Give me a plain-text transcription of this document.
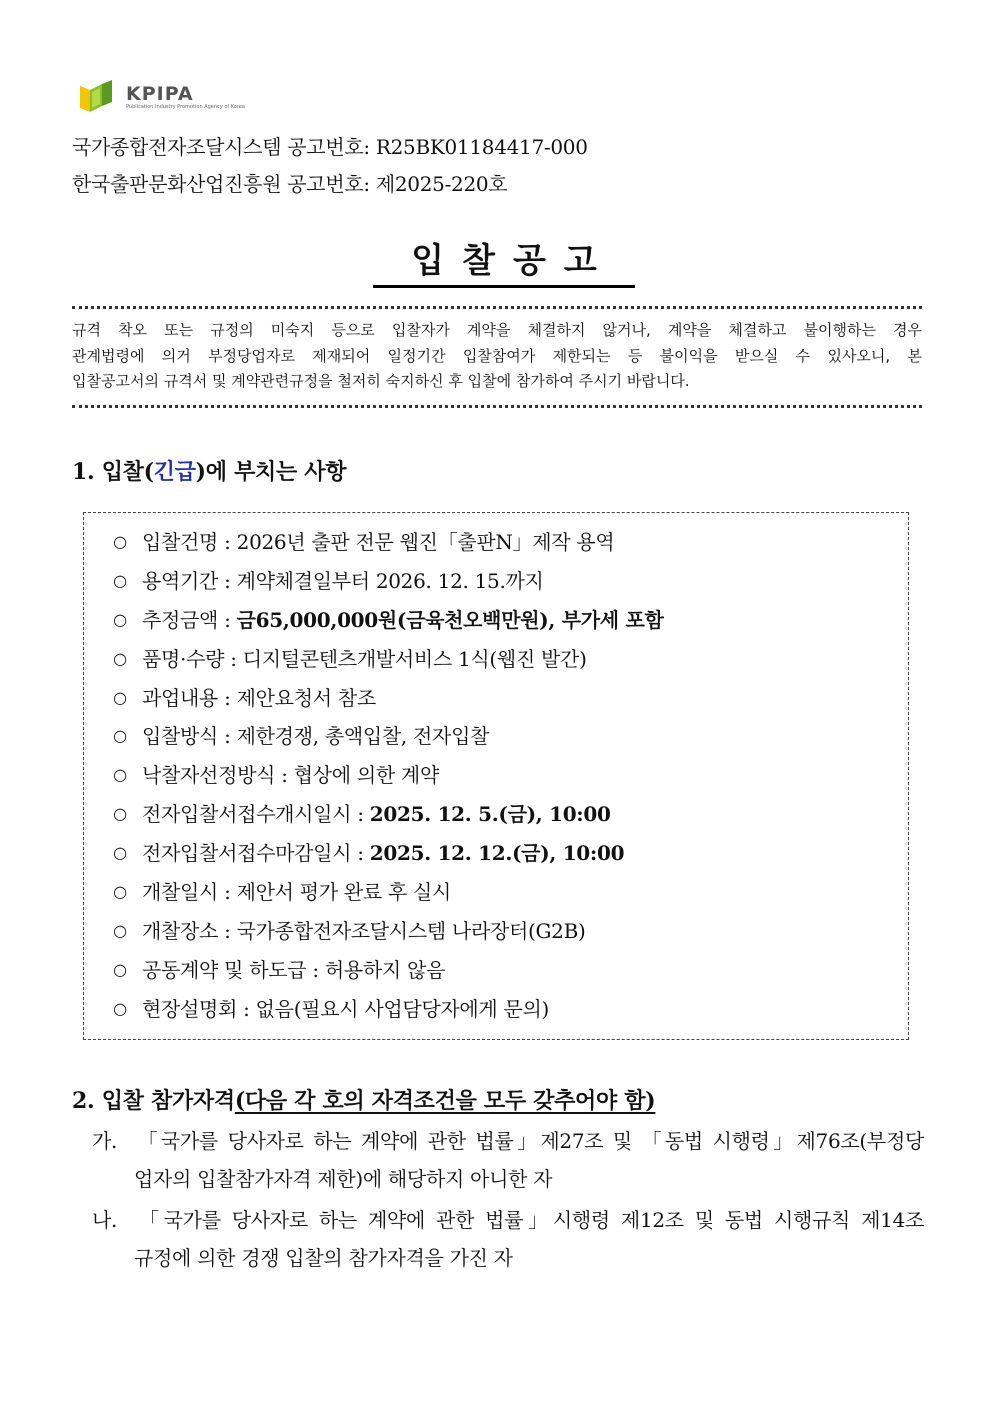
KPIPA
Publication Industry Promotion Agency of Korea
국가종합전자조달시스템 공고번호: R25BK01184417-000
한국출판문화산업진흥원 공고번호: 제2025-220호
입찰공고
규격 착오 또는 규정의 미숙지 등으로 입찰자가 계약을 체결하지 않거나, 계약을 체결하고 불이행하는 경우
관계법령에 의거 부정당업자로 제재되어 일정기간 입찰참여가 제한되는 등 불이익을 받으실 수 있사오니, 본
입찰공고서의 규격서 및 계약관련규정을 철저히 숙지하신 후 입찰에 참가하여 주시기 바랍니다.
1. 입찰(긴급)에 부치는 사항
○ 입찰건명 : 2026년 출판 전문 웹진「출판N」제작 용역
○ 용역기간 : 계약체결일부터 2026. 12. 15.까지
○ 추정금액 : 금65,000,000원(금육천오백만원), 부가세 포함
○ 품명·수량 : 디지털콘텐츠개발서비스 1식(웹진 발간)
○ 과업내용 : 제안요청서 참조
○ 입찰방식 : 제한경쟁, 총액입찰, 전자입찰
○ 낙찰자선정방식 : 협상에 의한 계약
○ 전자입찰서접수개시일시 : 2025. 12. 5.(금), 10:00
○ 전자입찰서접수마감일시 : 2025. 12. 12.(금), 10:00
○ 개찰일시 : 제안서 평가 완료 후 실시
○ 개찰장소 : 국가종합전자조달시스템 나라장터(G2B)
○ 공동계약 및 하도급 : 허용하지 않음
○ 현장설명회 : 없음(필요시 사업담당자에게 문의)
2. 입찰 참가자격(다음 각 호의 자격조건을 모두 갖추어야 함)
가. 「국가를 당사자로 하는 계약에 관한 법률」제27조 및 「동법 시행령」제76조(부정당
업자의 입찰참가자격 제한)에 해당하지 아니한 자
나. 「국가를 당사자로 하는 계약에 관한 법률」시행령 제12조 및 동법 시행규칙 제14조
규정에 의한 경쟁 입찰의 참가자격을 가진 자
